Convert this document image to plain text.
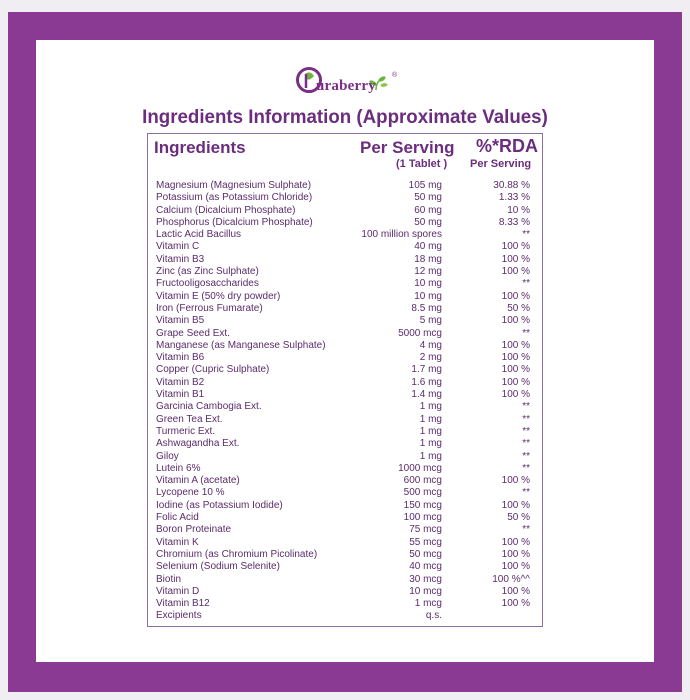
uraberry
®
Ingredients Information (Approximate Values)
Ingredients	Per Serving
(1 Tablet )
%*RDA
Per Serving
Magnesium (Magnesium Sulphate)	105 mg	30.88 %
Potassium (as Potassium Chloride)	50 mg	1.33 %
Calcium (Dicalcium Phosphate)	60 mg	10 %
Phosphorus (Dicalcium Phosphate)	50 mg	8.33 %
Lactic Acid Bacillus	100 million spores	**
Vitamin C	40 mg	100 %
Vitamin B3	18 mg	100 %
Zinc (as Zinc Sulphate)	12 mg	100 %
Fructooligosaccharides	10 mg	**
Vitamin E (50% dry powder)	10 mg	100 %
Iron (Ferrous Fumarate)	8.5 mg	50 %
Vitamin B5	5 mg	100 %
Grape Seed Ext.	5000 mcg	**
Manganese (as Manganese Sulphate)	4 mg	100 %
Vitamin B6	2 mg	100 %
Copper (Cupric Sulphate)	1.7 mg	100 %
Vitamin B2	1.6 mg	100 %
Vitamin B1	1.4 mg	100 %
Garcinia Cambogia Ext.	1 mg	**
Green Tea Ext.	1 mg	**
Turmeric Ext.	1 mg	**
Ashwagandha Ext.	1 mg	**
Giloy	1 mg	**
Lutein 6%	1000 mcg	**
Vitamin A (acetate)	600 mcg	100 %
Lycopene 10 %	500 mcg	**
Iodine (as Potassium Iodide)	150 mcg	100 %
Folic Acid	100 mcg	50 %
Boron Proteinate	75 mcg	**
Vitamin K	55 mcg	100 %
Chromium (as Chromium Picolinate)	50 mcg	100 %
Selenium (Sodium Selenite)	40 mcg	100 %
Biotin	30 mcg	100 %^^
Vitamin D	10 mcg	100 %
Vitamin B12	1 mcg	100 %
Excipients	q.s.
